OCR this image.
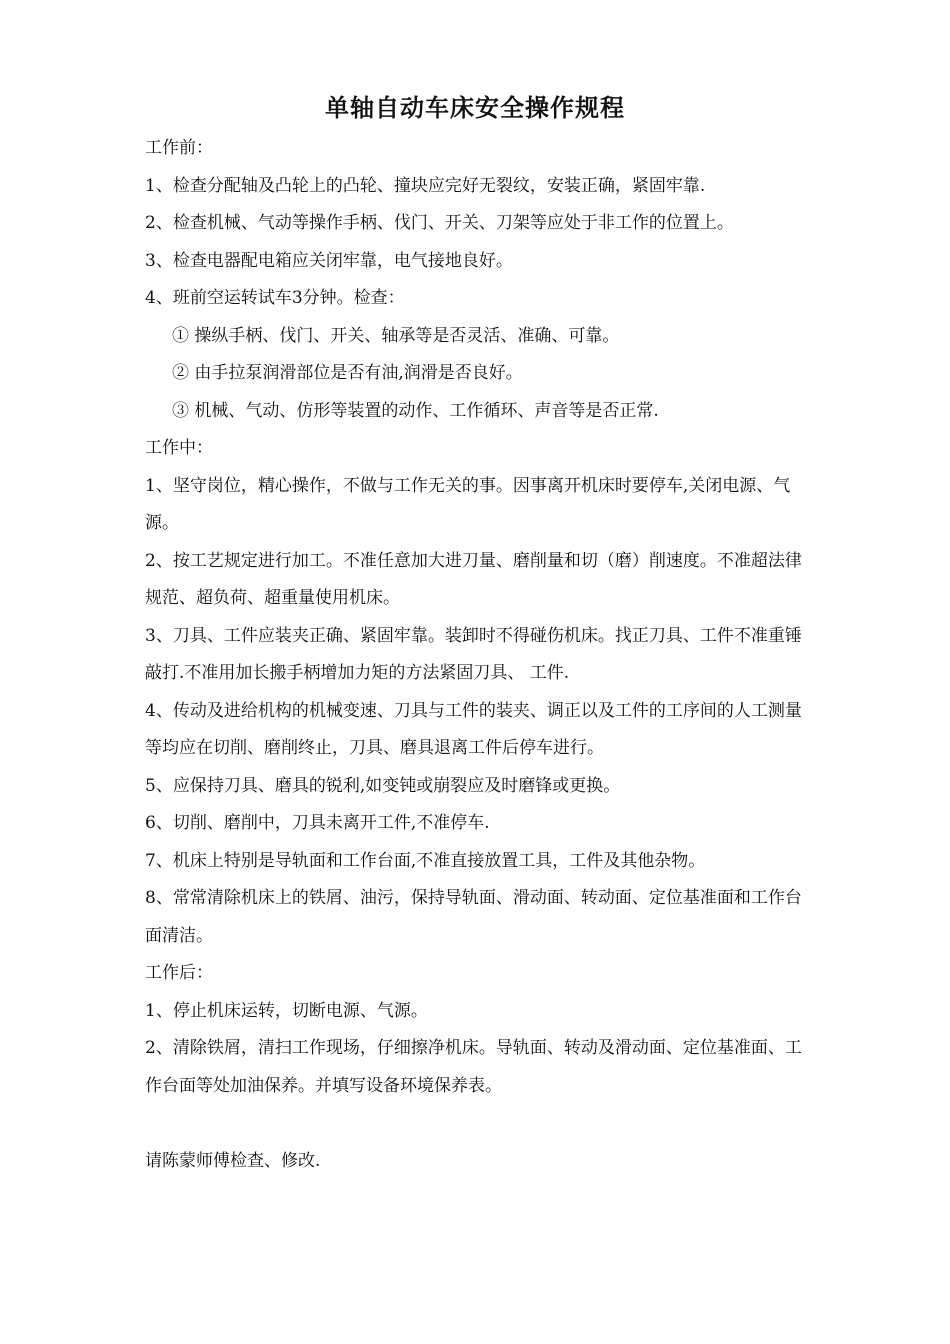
单轴自动车床安全操作规程
工作前：
1、检查分配轴及凸轮上的凸轮、撞块应完好无裂纹，安装正确，紧固牢靠.
2、检查机械、气动等操作手柄、伐门、开关、刀架等应处于非工作的位置上。
3、检查电器配电箱应关闭牢靠，电气接地良好。
4、班前空运转试车3分钟。检查：
① 操纵手柄、伐门、开关、轴承等是否灵活、准确、可靠。
② 由手拉泵润滑部位是否有油,润滑是否良好。
③ 机械、气动、仿形等装置的动作、工作循环、声音等是否正常.
工作中：
1、坚守岗位，精心操作，不做与工作无关的事。因事离开机床时要停车,关闭电源、气源。
2、按工艺规定进行加工。不准任意加大进刀量、磨削量和切（磨）削速度。不准超法律规范、超负荷、超重量使用机床。
3、刀具、工件应装夹正确、紧固牢靠。装卸时不得碰伤机床。找正刀具、工件不准重锤敲打.不准用加长搬手柄增加力矩的方法紧固刀具、 工件.
4、传动及进给机构的机械变速、刀具与工件的装夹、调正以及工件的工序间的人工测量等均应在切削、磨削终止，刀具、磨具退离工件后停车进行。
5、应保持刀具、磨具的锐利,如变钝或崩裂应及时磨锋或更换。
6、切削、磨削中，刀具未离开工件,不准停车.
7、机床上特别是导轨面和工作台面,不准直接放置工具，工件及其他杂物。
8、常常清除机床上的铁屑、油污，保持导轨面、滑动面、转动面、定位基准面和工作台面清洁。
工作后：
1、停止机床运转，切断电源、气源。
2、清除铁屑，清扫工作现场，仔细擦净机床。导轨面、转动及滑动面、定位基准面、工作台面等处加油保养。并填写设备环境保养表。
请陈蒙师傅检查、修改.
